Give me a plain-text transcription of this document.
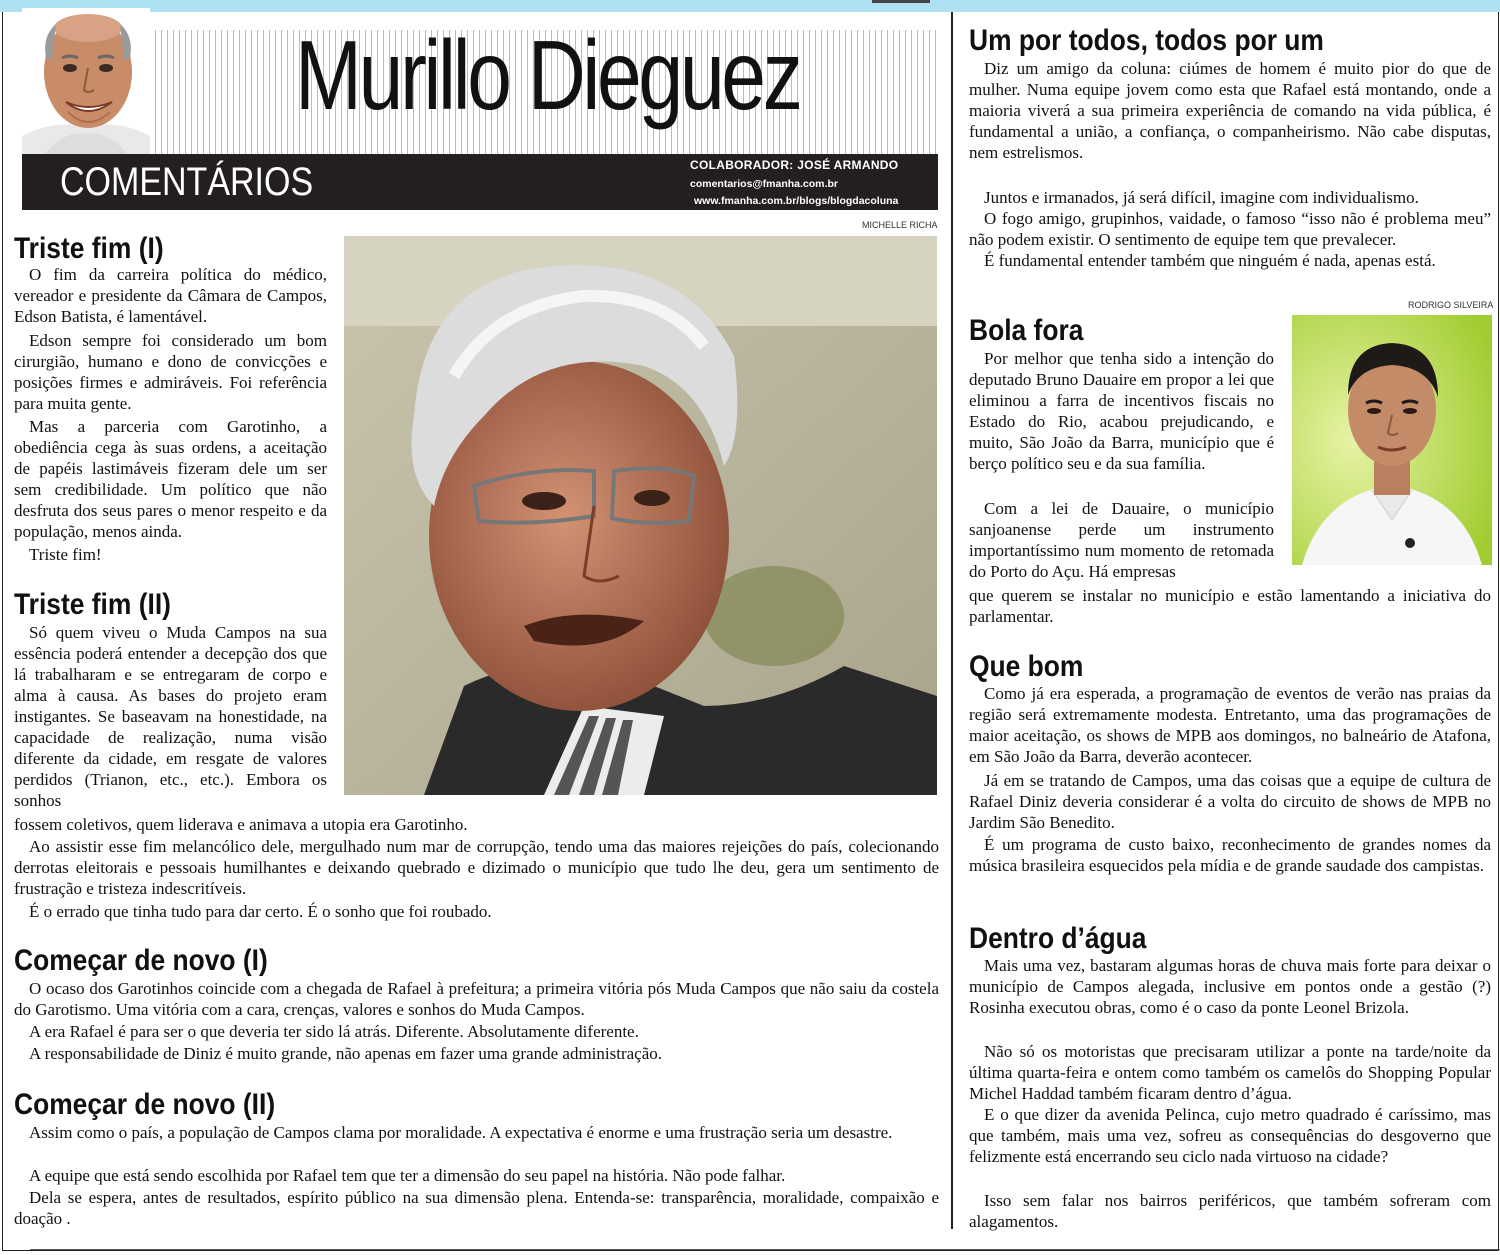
Murillo Dieguez
COMENTÁRIOS	COLABORADOR: JOSÉ ARMANDO
comentarios@fmanha.com.br
www.fmanha.com.br/blogs/blogdacoluna
MICHELLE RICHA
Triste fim (I)

O fim da carreira política do médico, vereador e presidente da Câmara de Campos, Edson Batista, é lamentável.

Edson sempre foi considerado um bom cirurgião, humano e dono de convicções e posições firmes e admiráveis. Foi referência para muita gente.

Mas a parceria com Garotinho, a obediência cega às suas ordens, a aceitação de papéis lastimáveis fizeram dele um ser sem credibilidade. Um político que não desfruta dos seus pares o menor respeito e da população, menos ainda.

Triste fim!

Triste fim (II)

Só quem viveu o Muda Campos na sua essência poderá entender a decepção dos que lá trabalharam e se entregaram de corpo e alma à causa. As bases do projeto eram instigantes. Se baseavam na honestidade, na capacidade de realização, numa visão diferente da cidade, em resgate de valores perdidos (Trianon, etc., etc.). Embora os sonhos

fossem coletivos, quem liderava e animava a utopia era Garotinho.

Ao assistir esse fim melancólico dele, mergulhado num mar de corrupção, tendo uma das maiores rejeições do país, colecionando derrotas eleitorais e pessoais humilhantes e deixando quebrado e dizimado o município que tudo lhe deu, gera um sentimento de frustração e tristeza indescritíveis.

É o errado que tinha tudo para dar certo. É o sonho que foi roubado.

Começar de novo (I)

O ocaso dos Garotinhos coincide com a chegada de Rafael à prefeitura; a primeira vitória pós Muda Campos que não saiu da costela do Garotismo. Uma vitória com a cara, crenças, valores e sonhos do Muda Campos.

A era Rafael é para ser o que deveria ter sido lá atrás. Diferente. Absolutamente diferente.

A responsabilidade de Diniz é muito grande, não apenas em fazer uma grande administração.

Começar de novo (II)

Assim como o país, a população de Campos clama por moralidade. A expectativa é enorme e uma frustração seria um desastre.

A equipe que está sendo escolhida por Rafael tem que ter a dimensão do seu papel na história. Não pode falhar.

Dela se espera, antes de resultados, espírito público na sua dimensão plena. Entenda-se: transparência, moralidade, compaixão e doação .

Um por todos, todos por um

Diz um amigo da coluna: ciúmes de homem é muito pior do que de mulher. Numa equipe jovem como esta que Rafael está montando, onde a maioria viverá a sua primeira experiência de comando na vida pública, é fundamental a união, a confiança, o companheirismo. Não cabe disputas, nem estrelismos.

Juntos e irmanados, já será difícil, imagine com individualismo.

O fogo amigo, grupinhos, vaidade, o famoso “isso não é problema meu” não podem existir. O sentimento de equipe tem que prevalecer.

É fundamental entender também que ninguém é nada, apenas está.

RODRIGO SILVEIRA
Bola fora

Por melhor que tenha sido a intenção do deputado Bruno Dauaire em propor a lei que eliminou a farra de incentivos fiscais no Estado do Rio, acabou prejudicando, e muito, São João da Barra, município que é berço político seu e da sua família.

Com a lei de Dauaire, o município sanjoanense perde um instrumento importantíssimo num momento de retomada do Porto do Açu. Há empresas

que querem se instalar no município e estão lamentando a iniciativa do parlamentar.

Que bom

Como já era esperada, a programação de eventos de verão nas praias da região será extremamente modesta. Entretanto, uma das programações de maior aceitação, os shows de MPB aos domingos, no balneário de Atafona, em São João da Barra, deverão acontecer.

Já em se tratando de Campos, uma das coisas que a equipe de cultura de Rafael Diniz deveria considerar é a volta do circuito de shows de MPB no Jardim São Benedito.

É um programa de custo baixo, reconhecimento de grandes nomes da música brasileira esquecidos pela mídia e de grande saudade dos campistas.

Dentro d’água

Mais uma vez, bastaram algumas horas de chuva mais forte para deixar o município de Campos alegada, inclusive em pontos onde a gestão (?) Rosinha executou obras, como é o caso da ponte Leonel Brizola.

Não só os motoristas que precisaram utilizar a ponte na tarde/noite da última quarta-feira e ontem como também os camelôs do Shopping Popular Michel Haddad também ficaram dentro d’água.

E o que dizer da avenida Pelinca, cujo metro quadrado é caríssimo, mas que também, mais uma vez, sofreu as consequências do desgoverno que felizmente está encerrando seu ciclo nada virtuoso na cidade?

Isso sem falar nos bairros periféricos, que também sofreram com alagamentos.
